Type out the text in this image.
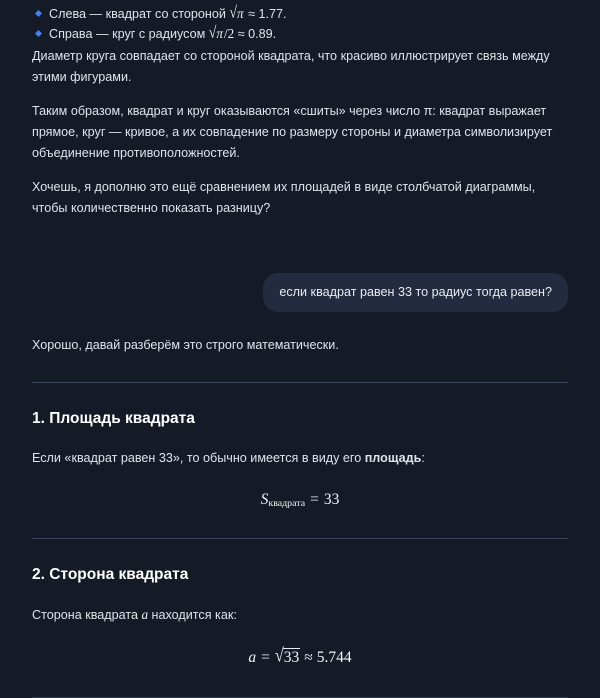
Слева — квадрат со стороной √π ≈ 1.77.
Справа — круг с радиусом √π/2 ≈ 0.89.

Диаметр круга совпадает со стороной квадрата, что красиво иллюстрирует связь между этими фигурами.

Таким образом, квадрат и круг оказываются «сшиты» через число π: квадрат выражает прямое, круг — кривое, а их совпадение по размеру стороны и диаметра символизирует объединение противоположностей.

Хочешь, я дополню это ещё сравнением их площадей в виде столбчатой диаграммы, чтобы количественно показать разницу?

если квадрат равен 33 то радиус тогда равен?

Хорошо, давай разберём это строго математически.

1. Площадь квадрата

Если «квадрат равен 33», то обычно имеется в виду его площадь:

$S_{квадрата} = 33$
2. Сторона квадрата

Сторона квадрата a находится как:

a = √33 ≈ 5.744
